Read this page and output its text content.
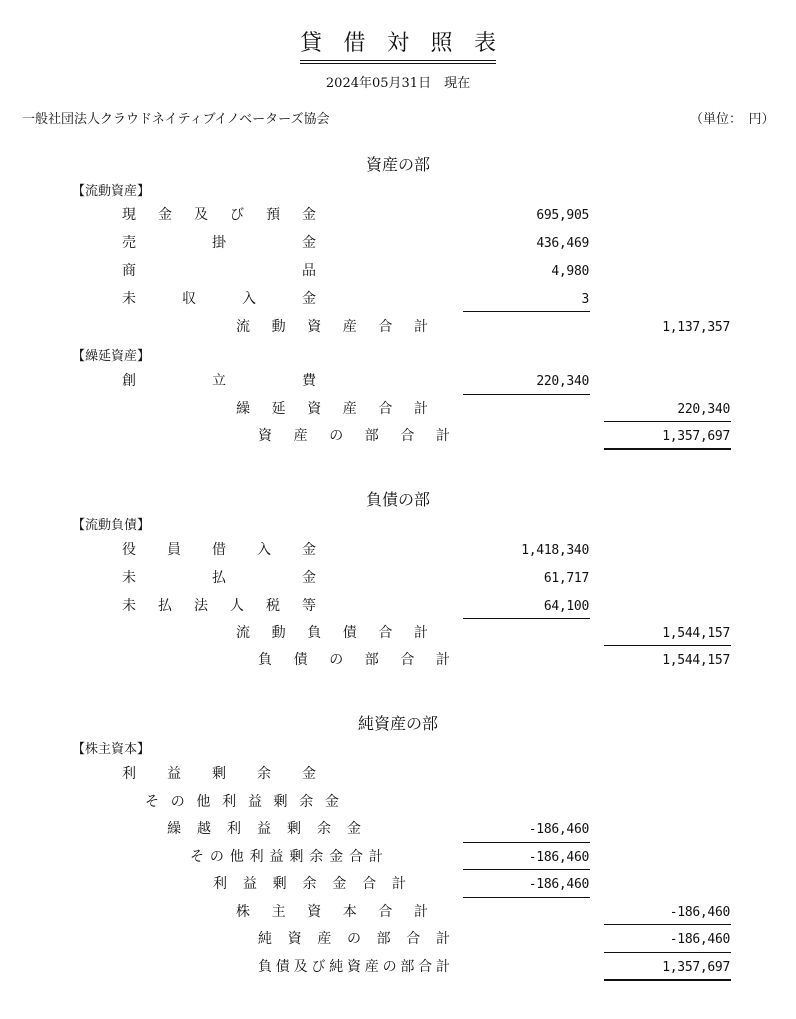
貸 借 対 照 表
2024年05月31日　現在
一般社団法人クラウドネイティブイノベーターズ協会	（単位：　円）
資産の部
【流動資産】
現 金 及 び 預 金	695,905
売	掛	金	436,469
商	品	4,980
未	収	入	金	3
流 動 資 産 合 計	1,137,357
【繰延資産】
創	立	費	220,340
繰 延 資 産 合 計	220,340
資 産 の 部 合 計	1,357,697
負債の部
【流動負債】
役 員 借 入 金	1,418,340
未	払	金	61,717
未 払 法 人 税 等	64,100
流 動 負 債 合 計	1,544,157
負 債 の 部 合 計	1,544,157
純資産の部
【株主資本】
利 益 剰 余 金
そ の 他 利 益 剰 余 金
繰 越 利 益 剰 余 金	-186,460
そ の 他 利 益 剰 余 金 合 計	-186,460
利 益 剰 余 金 合 計	-186,460
株 主 資 本 合 計	-186,460
純 資 産 の 部 合 計	-186,460
負 債 及 び 純 資 産 の 部 合 計	1,357,697
